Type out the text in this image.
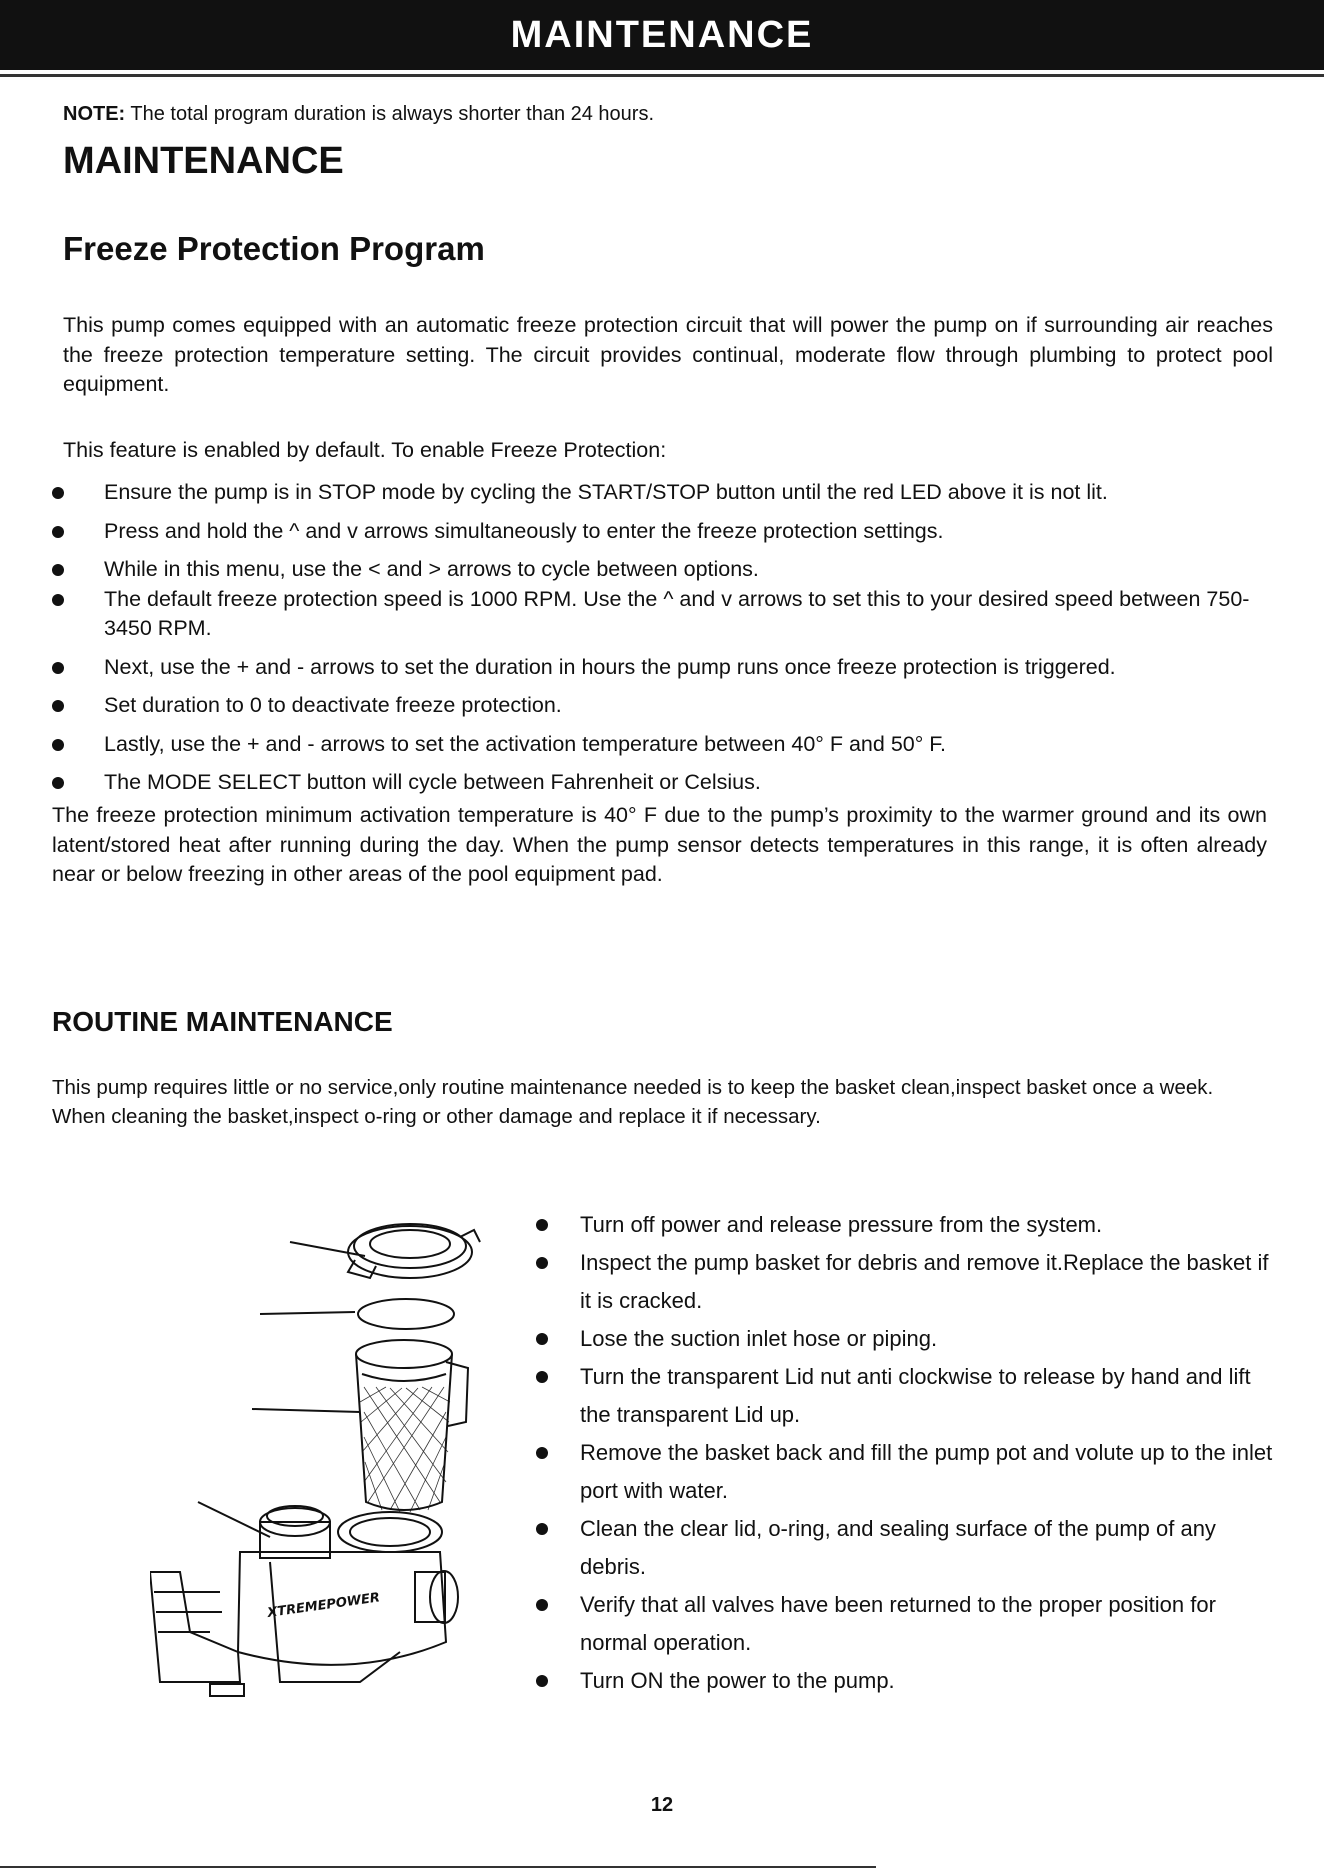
MAINTENANCE
NOTE: The total program duration is always shorter than 24 hours.
MAINTENANCE
Freeze Protection Program
This pump comes equipped with an automatic freeze protection circuit that will power the pump on if surrounding air reaches the freeze protection temperature setting. The circuit provides continual, moderate flow through plumbing to protect pool equipment.
This feature is enabled by default. To enable Freeze Protection:
Ensure the pump is in STOP mode by cycling the START/STOP button until the red LED above it is not lit.
Press and hold the ^ and v arrows simultaneously to enter the freeze protection settings.
While in this menu, use the < and > arrows to cycle between options.
The default freeze protection speed is 1000 RPM. Use the ^ and v arrows to set this to your desired speed between 750-3450 RPM.
Next, use the + and - arrows to set the duration in hours the pump runs once freeze protection is triggered.
Set duration to 0 to deactivate freeze protection.
Lastly, use the + and - arrows to set the activation temperature between 40° F and 50° F.
The MODE SELECT button will cycle between Fahrenheit or Celsius.
The freeze protection minimum activation temperature is 40° F due to the pump’s proximity to the warmer ground and its own latent/stored heat after running during the day. When the pump sensor detects temperatures in this range, it is often already near or below freezing in other areas of the pool equipment pad.
ROUTINE MAINTENANCE
This pump requires little or no service,only routine maintenance needed is to keep the basket clean,inspect basket once a week. When cleaning the basket,inspect o-ring or other damage and replace it if necessary.
XTREMEPOWER
Turn off power and release pressure from the system.
Inspect the pump basket for debris and remove it.Replace the basket if it is cracked.
Lose the suction inlet hose or piping.
Turn the transparent Lid nut anti clockwise to release by hand and lift the transparent Lid up.
Remove the basket back and fill the pump pot and volute up to the inlet port with water.
Clean the clear lid, o-ring, and sealing surface of the pump of any debris.
Verify that all valves have been returned to the proper position for normal operation.
Turn ON the power to the pump.
12
